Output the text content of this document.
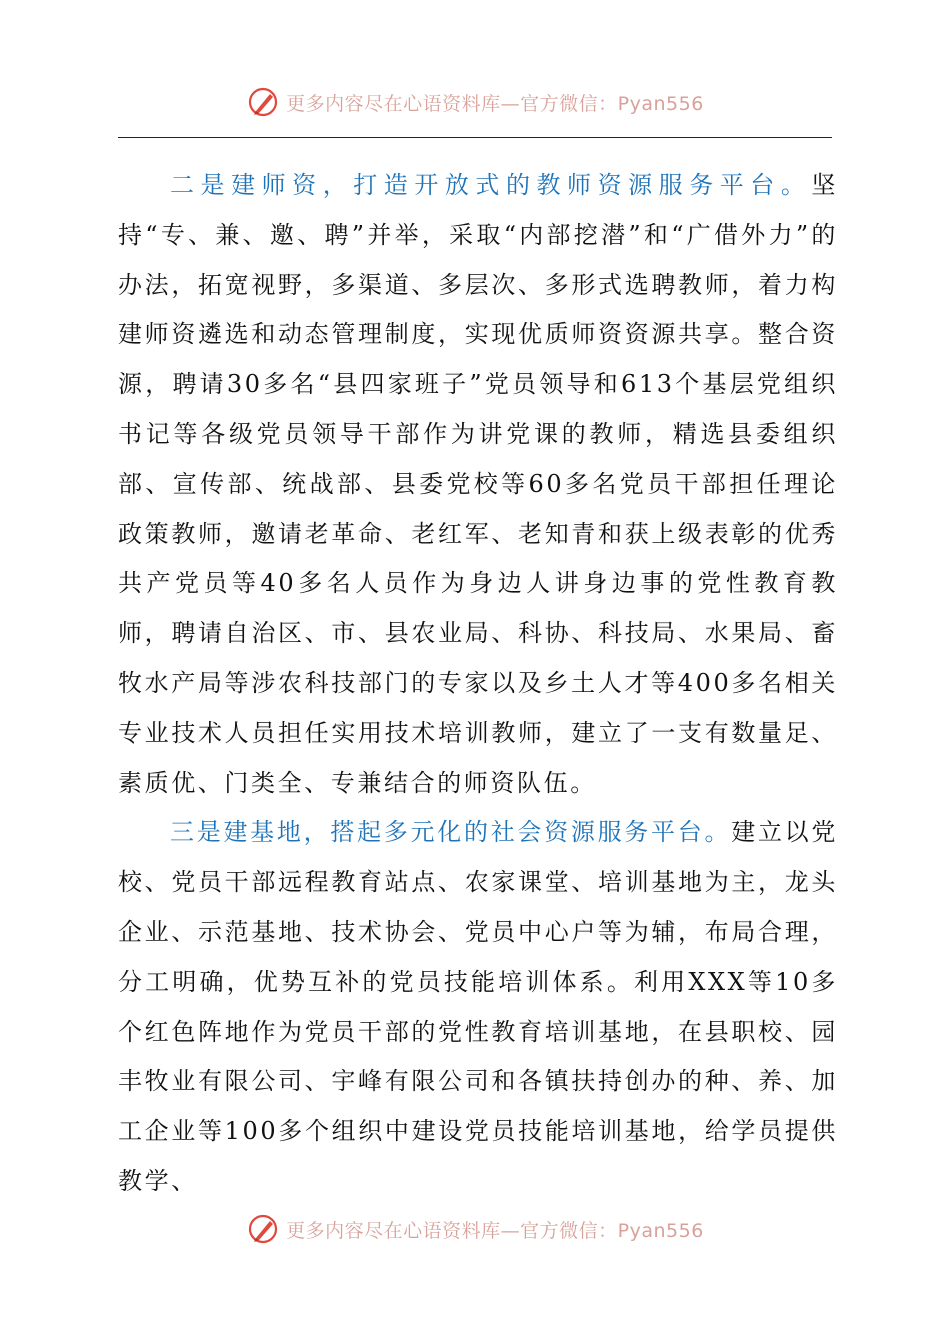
更多内容尽在心语资料库—官方微信：Pyan556

二是建师资，打造开放式的教师资源服务平台。坚持“专、兼、邀、聘”并举，采取“内部挖潜”和“广借外力”的办法，拓宽视野，多渠道、多层次、多形式选聘教师，着力构建师资遴选和动态管理制度，实现优质师资资源共享。整合资源，聘请30多名“县四家班子”党员领导和613个基层党组织书记等各级党员领导干部作为讲党课的教师，精选县委组织部、宣传部、统战部、县委党校等60多名党员干部担任理论政策教师，邀请老革命、老红军、老知青和获上级表彰的优秀共产党员等40多名人员作为身边人讲身边事的党性教育教师，聘请自治区、市、县农业局、科协、科技局、水果局、畜牧水产局等涉农科技部门的专家以及乡土人才等400多名相关专业技术人员担任实用技术培训教师，建立了一支有数量足、素质优、门类全、专兼结合的师资队伍。

三是建基地，搭起多元化的社会资源服务平台。建立以党校、党员干部远程教育站点、农家课堂、培训基地为主，龙头企业、示范基地、技术协会、党员中心户等为辅，布局合理，分工明确，优势互补的党员技能培训体系。利用XXX等10多个红色阵地作为党员干部的党性教育培训基地，在县职校、园丰牧业有限公司、宇峰有限公司和各镇扶持创办的种、养、加工企业等100多个组织中建设党员技能培训基地，给学员提供教学、

更多内容尽在心语资料库—官方微信：Pyan556
